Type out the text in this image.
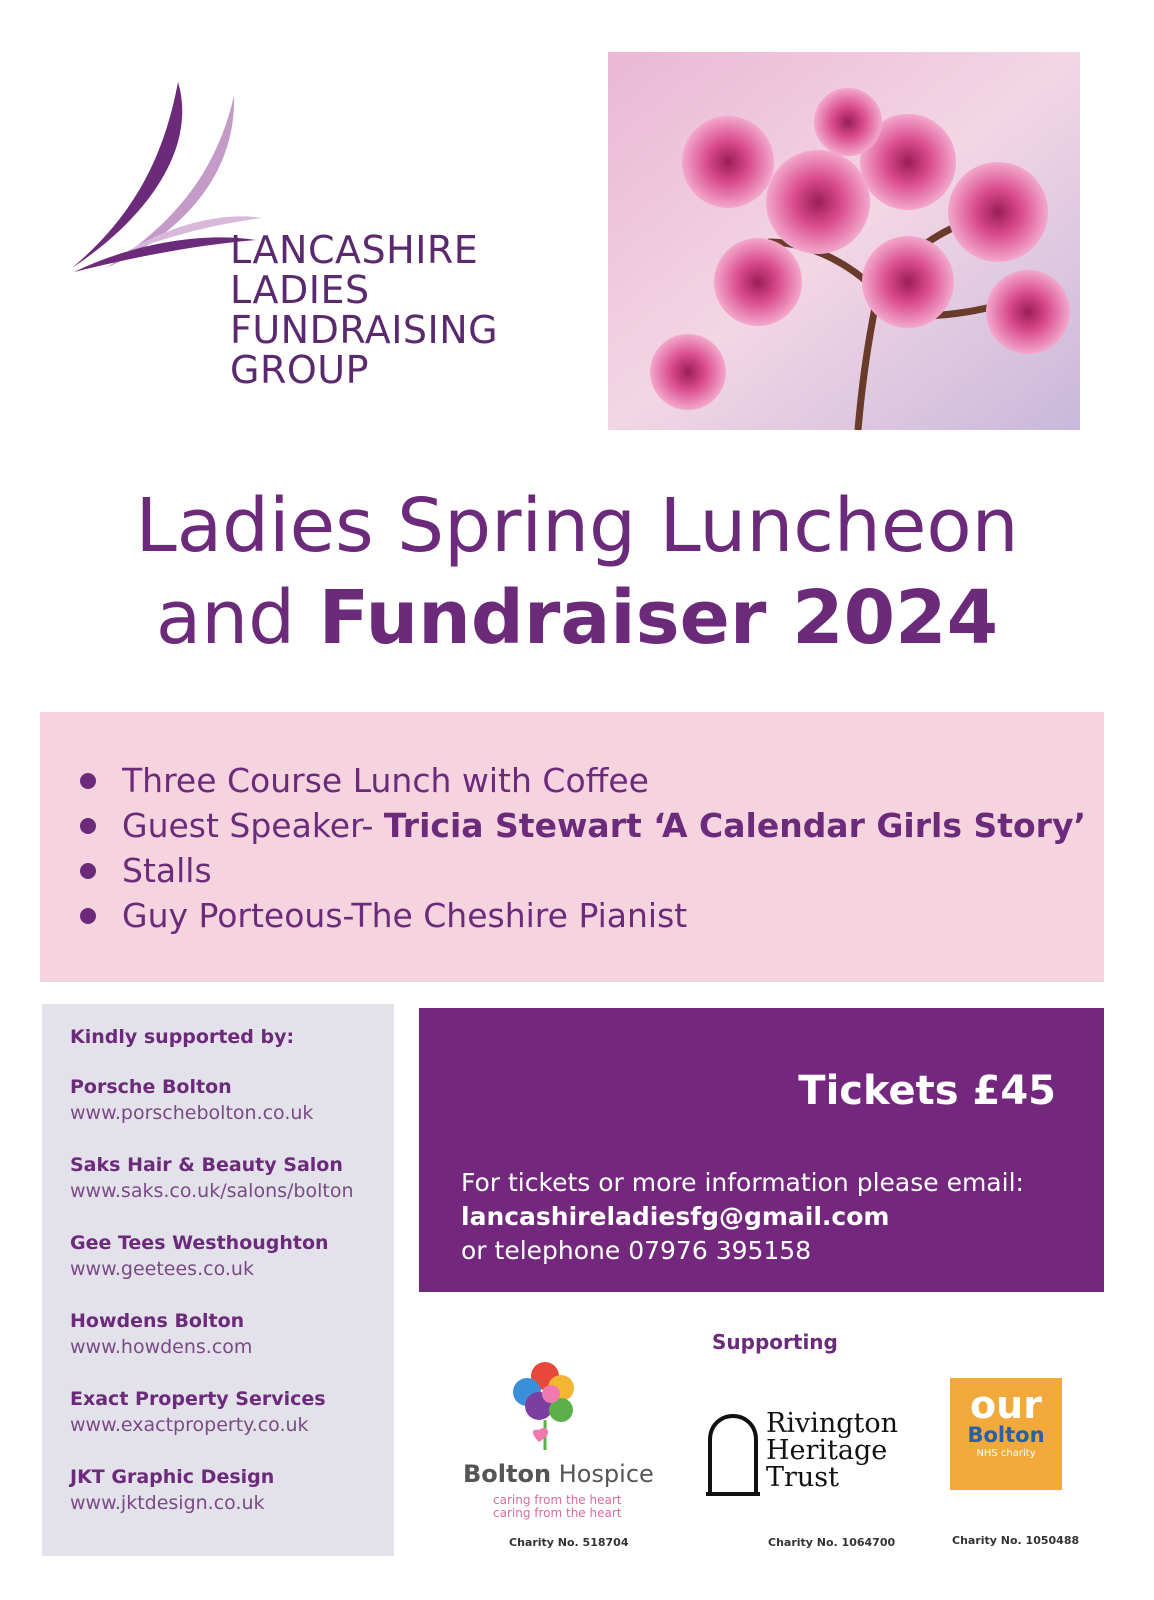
LANCASHIRE
LADIES
FUNDRAISING
GROUP
Ladies Spring Luncheon
and Fundraiser 2024
Three Course Lunch with Coffee
Guest Speaker- Tricia Stewart ‘A Calendar Girls Story’
Stalls
Guy Porteous-The Cheshire Pianist
Kindly supported by:
Porsche Bolton
www.porschebolton.co.uk
Saks Hair & Beauty Salon
www.saks.co.uk/salons/bolton
Gee Tees Westhoughton
www.geetees.co.uk
Howdens Bolton
www.howdens.com
Exact Property Services
www.exactproperty.co.uk
JKT Graphic Design
www.jktdesign.co.uk
Tickets £45
For tickets or more information please email:
lancashireladiesfg@gmail.com
or telephone 07976 395158
Supporting
Bolton Hospice
caring from the heart
caring from the heart
Charity No. 518704
Rivington
Heritage
Trust
Charity No. 1064700
our
Bolton
NHS charity
Charity No. 1050488
